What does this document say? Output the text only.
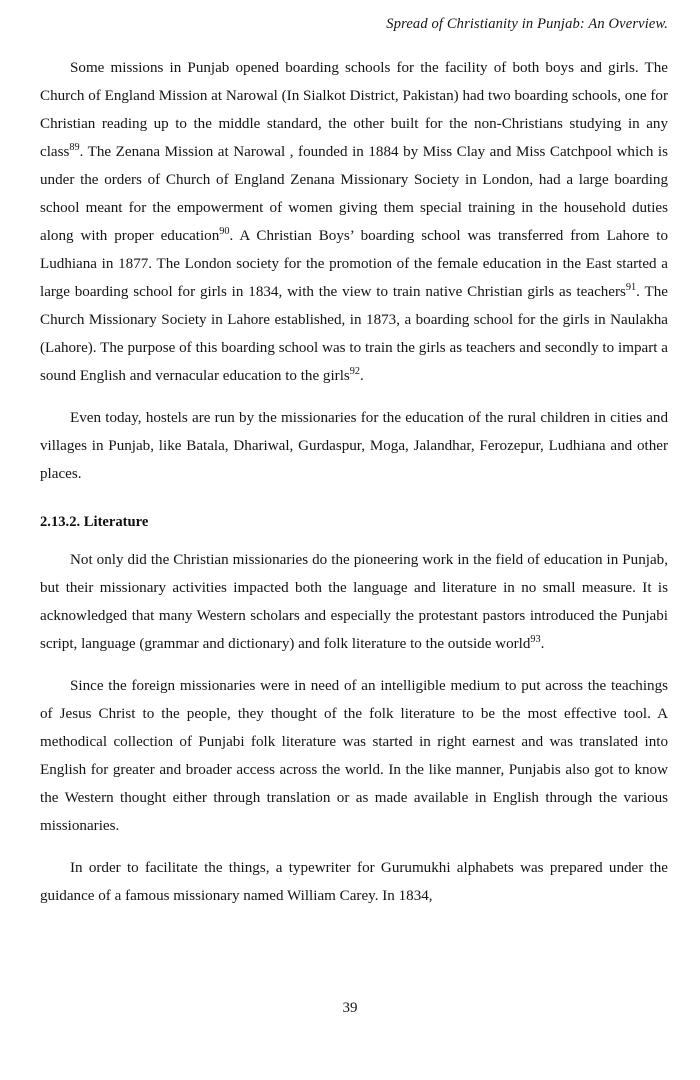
Spread of Christianity in Punjab: An Overview.

Some missions in Punjab opened boarding schools for the facility of both boys and girls. The Church of England Mission at Narowal (In Sialkot District, Pakistan) had two boarding schools, one for Christian reading up to the middle standard, the other built for the non-Christians studying in any class$^{89}$. The Zenana Mission at Narowal , founded in 1884 by Miss Clay and Miss Catchpool which is under the orders of Church of England Zenana Missionary Society in London, had a large boarding school meant for the empowerment of women giving them special training in the household duties along with proper education$^{90}$. A Christian Boys’ boarding school was transferred from Lahore to Ludhiana in 1877. The London society for the promotion of the female education in the East started a large boarding school for girls in 1834, with the view to train native Christian girls as teachers$^{91}$. The Church Missionary Society in Lahore established, in 1873, a boarding school for the girls in Naulakha (Lahore). The purpose of this boarding school was to train the girls as teachers and secondly to impart a sound English and vernacular education to the girls$^{92}$.

Even today, hostels are run by the missionaries for the education of the rural children in cities and villages in Punjab, like Batala, Dhariwal, Gurdaspur, Moga, Jalandhar, Ferozepur, Ludhiana and other places.

2.13.2. Literature

Not only did the Christian missionaries do the pioneering work in the field of education in Punjab, but their missionary activities impacted both the language and literature in no small measure. It is acknowledged that many Western scholars and especially the protestant pastors introduced the Punjabi script, language (grammar and dictionary) and folk literature to the outside world$^{93}$.

Since the foreign missionaries were in need of an intelligible medium to put across the teachings of Jesus Christ to the people, they thought of the folk literature to be the most effective tool. A methodical collection of Punjabi folk literature was started in right earnest and was translated into English for greater and broader access across the world. In the like manner, Punjabis also got to know the Western thought either through translation or as made available in English through the various missionaries.

In order to facilitate the things, a typewriter for Gurumukhi alphabets was prepared under the guidance of a famous missionary named William Carey. In 1834,

39
